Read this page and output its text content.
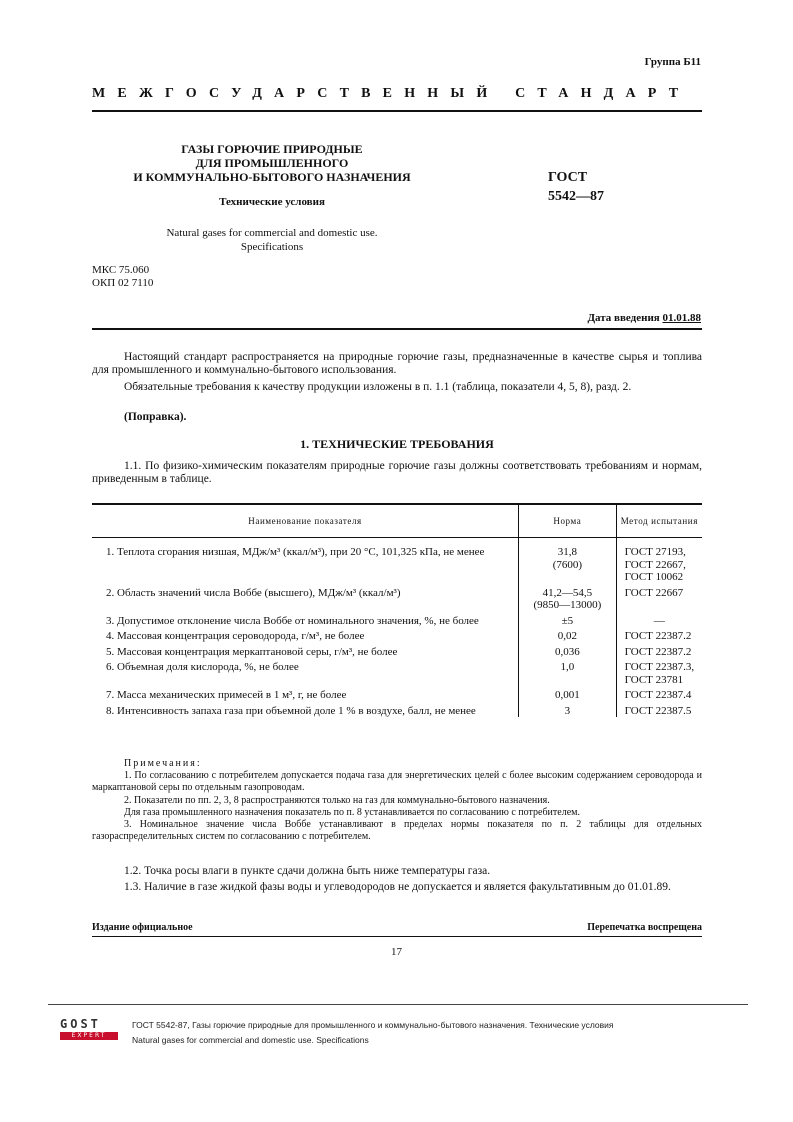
Группа Б11
МЕЖГОСУДАРСТВЕННЫЙ СТАНДАРТ
ГАЗЫ ГОРЮЧИЕ ПРИРОДНЫЕ
ДЛЯ ПРОМЫШЛЕННОГО
И КОММУНАЛЬНО-БЫТОВОГО НАЗНАЧЕНИЯ
Технические условия
Natural gases for commercial and domestic use.
Specifications
ГОСТ
5542—87
МКС 75.060
ОКП 02 7110
Дата введения 01.01.88
Настоящий стандарт распространяется на природные горючие газы, предназначенные в качестве сырья и топлива для промышленного и коммунально-бытового использования.
Обязательные требования к качеству продукции изложены в п. 1.1 (таблица, показатели 4, 5, 8), разд. 2.
(Поправка).
1. ТЕХНИЧЕСКИЕ ТРЕБОВАНИЯ
1.1. По физико-химическим показателям природные горючие газы должны соответствовать требованиям и нормам, приведенным в таблице.
Наименование показателя	Норма	Метод испытания

1. Теплота сгорания низшая, МДж/м³ (ккал/м³), при 20 °С, 101,325 кПа, не менее	31,8
(7600)	ГОСТ 27193,
ГОСТ 22667,
ГОСТ 10062

2. Область значений числа Воббе (высшего), МДж/м³ (ккал/м³)	41,2—54,5
(9850—13000)	ГОСТ 22667

3. Допустимое отклонение числа Воббе от номинального значения, %, не более	±5	—

4. Массовая концентрация сероводорода, г/м³, не более	0,02	ГОСТ 22387.2

5. Массовая концентрация меркаптановой серы, г/м³, не более	0,036	ГОСТ 22387.2

6. Объемная доля кислорода, %, не более	1,0	ГОСТ 22387.3,
ГОСТ 23781

7. Масса механических примесей в 1 м³, г, не более	0,001	ГОСТ 22387.4

8. Интенсивность запаха газа при объемной доле 1 % в воздухе, балл, не менее	3	ГОСТ 22387.5
Примечания:
1. По согласованию с потребителем допускается подача газа для энергетических целей с более высоким содержанием сероводорода и маркаптановой серы по отдельным газопроводам.
2. Показатели по пп. 2, 3, 8 распространяются только на газ для коммунально-бытового назначения.
Для газа промышленного назначения показатель по п. 8 устанавливается по согласованию с потребителем.
3. Номинальное значение числа Воббе устанавливают в пределах нормы показателя по п. 2 таблицы для отдельных газораспределительных систем по согласованию с потребителем.
1.2. Точка росы влаги в пункте сдачи должна быть ниже температуры газа.
1.3. Наличие в газе жидкой фазы воды и углеводородов не допускается и является факультативным до 01.01.89.
Издание официальное	Перепечатка воспрещена
17
GOST
EXPERT
ГОСТ 5542-87, Газы горючие природные для промышленного и коммунально-бытового назначения. Технические условия
Natural gases for commercial and domestic use. Specifications
